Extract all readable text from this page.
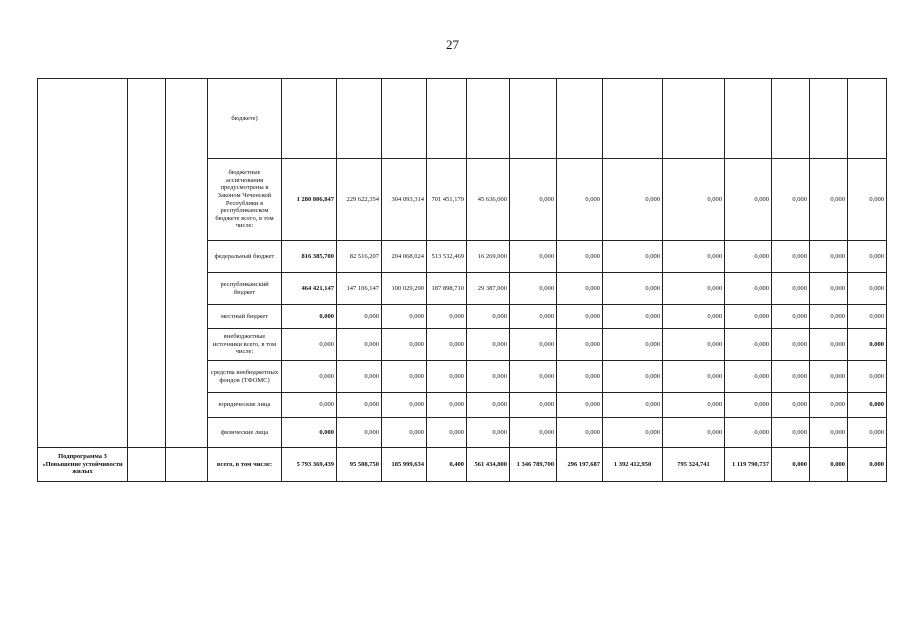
27
			бюджете)														
			бюджетные ассигнования предусмотрены в Законом Чеченской Республики в республиканском бюджете всего, в том числе:	1 280 806,847	229 622,354	304 093,314	701 451,179	45 636,000	0,000	0,000	0,000	0,000	0,000	0,000	0,000	0,000	
			федеральный бюджет	816 385,700	82 516,207	204 068,024	513 532,469	16 269,000	0,000	0,000	0,000	0,000	0,000	0,000	0,000	0,000	
			республиканский бюджет	464 421,147	147 106,147	100 029,290	187 898,710	29 387,000	0,000	0,000	0,000	0,000	0,000	0,000	0,000	0,000	
			местный бюджет	0,000	0,000	0,000	0,000	0,000	0,000	0,000	0,000	0,000	0,000	0,000	0,000	0,000	
			внебюджетные источники всего, в том числе:	0,000	0,000	0,000	0,000	0,000	0,000	0,000	0,000	0,000	0,000	0,000	0,000	0,000	
			средства внебюджетных фондов (ТФОМС)	0,000	0,000	0,000	0,000	0,000	0,000	0,000	0,000	0,000	0,000	0,000	0,000	0,000	
			юридические лица	0,000	0,000	0,000	0,000	0,000	0,000	0,000	0,000	0,000	0,000	0,000	0,000	0,000	
			физические лица	0,000	0,000	0,000	0,000	0,000	0,000	0,000	0,000	0,000	0,000	0,000	0,000	0,000	
Подпрограмма 3 «Повышение устойчивости жилых			всего, в том числе:	5 793 369,439	95 508,750	185 999,634	0,400	561 434,800	1 346 789,700	296 197,687	1 392 412,950	795 324,741	1 119 790,737	0,000	0,000	0,000	
